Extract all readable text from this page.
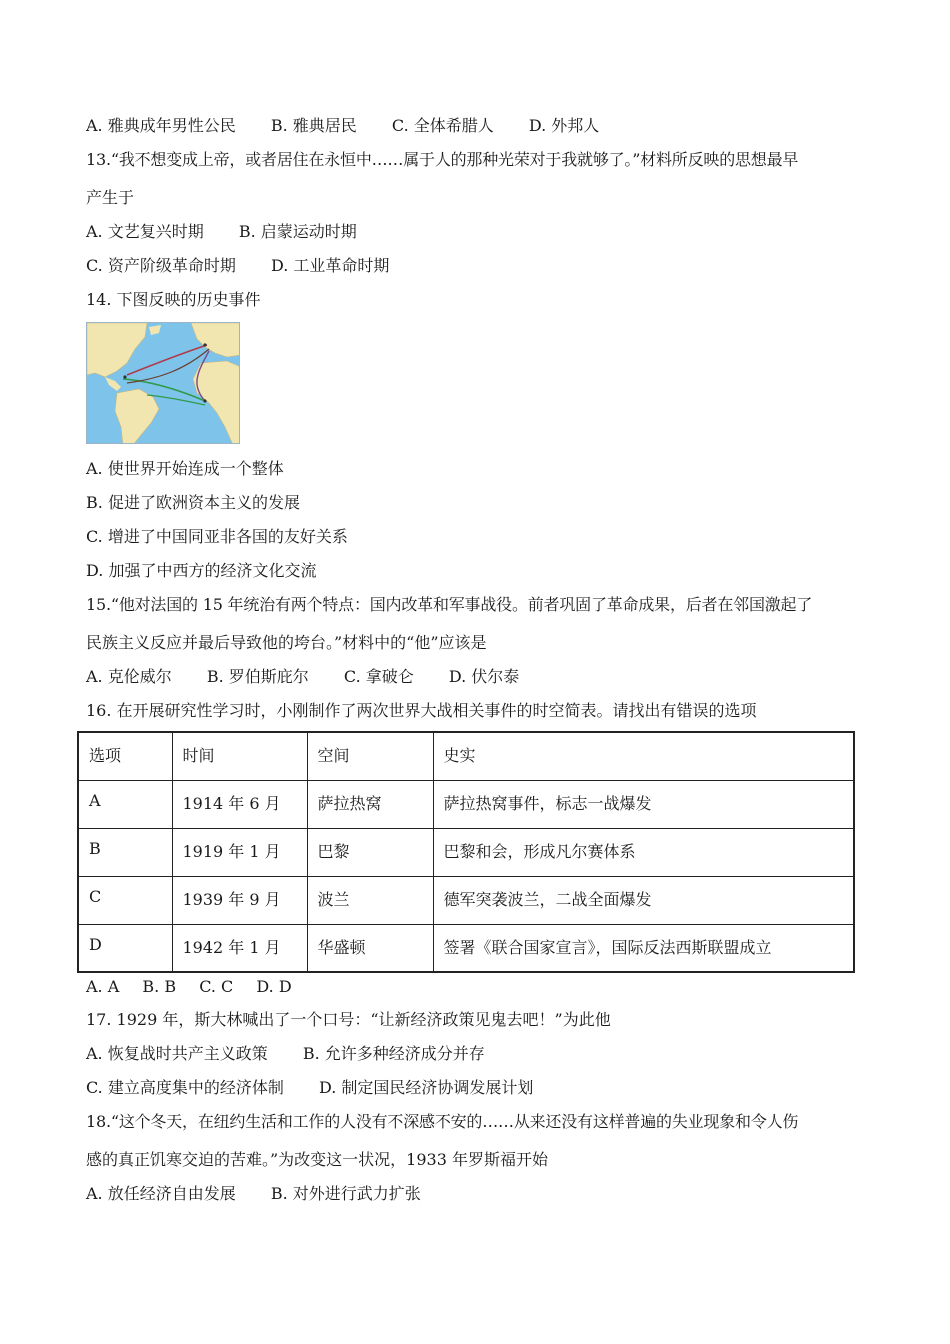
A. 雅典成年男性公民 B. 雅典居民 C. 全体希腊人 D. 外邦人
13.“我不想变成上帝，或者居住在永恒中……属于人的那种光荣对于我就够了。”材料所反映的思想最早
产生于
A. 文艺复兴时期 B. 启蒙运动时期
C. 资产阶级革命时期 D. 工业革命时期
14. 下图反映的历史事件
A. 使世界开始连成一个整体
B. 促进了欧洲资本主义的发展
C. 增进了中国同亚非各国的友好关系
D. 加强了中西方的经济文化交流
15.“他对法国的 15 年统治有两个特点：国内改革和军事战役。前者巩固了革命成果，后者在邻国激起了
民族主义反应并最后导致他的垮台。”材料中的“他”应该是
A. 克伦威尔 B. 罗伯斯庇尔 C. 拿破仑 D. 伏尔泰
16. 在开展研究性学习时，小刚制作了两次世界大战相关事件的时空简表。请找出有错误的选项
选项	时间	空间	史实
A	1914 年 6 月	萨拉热窝	萨拉热窝事件，标志一战爆发
B	1919 年 1 月	巴黎	巴黎和会，形成凡尔赛体系
C	1939 年 9 月	波兰	德军突袭波兰，二战全面爆发
D	1942 年 1 月	华盛顿	签署《联合国家宣言》，国际反法西斯联盟成立
A. A B. B C. C D. D
17. 1929 年，斯大林喊出了一个口号：“让新经济政策见鬼去吧！”为此他
A. 恢复战时共产主义政策 B. 允许多种经济成分并存
C. 建立高度集中的经济体制 D. 制定国民经济协调发展计划
18.“这个冬天，在纽约生活和工作的人没有不深感不安的……从来还没有这样普遍的失业现象和令人伤
感的真正饥寒交迫的苦难。”为改变这一状况，1933 年罗斯福开始
A. 放任经济自由发展 B. 对外进行武力扩张
